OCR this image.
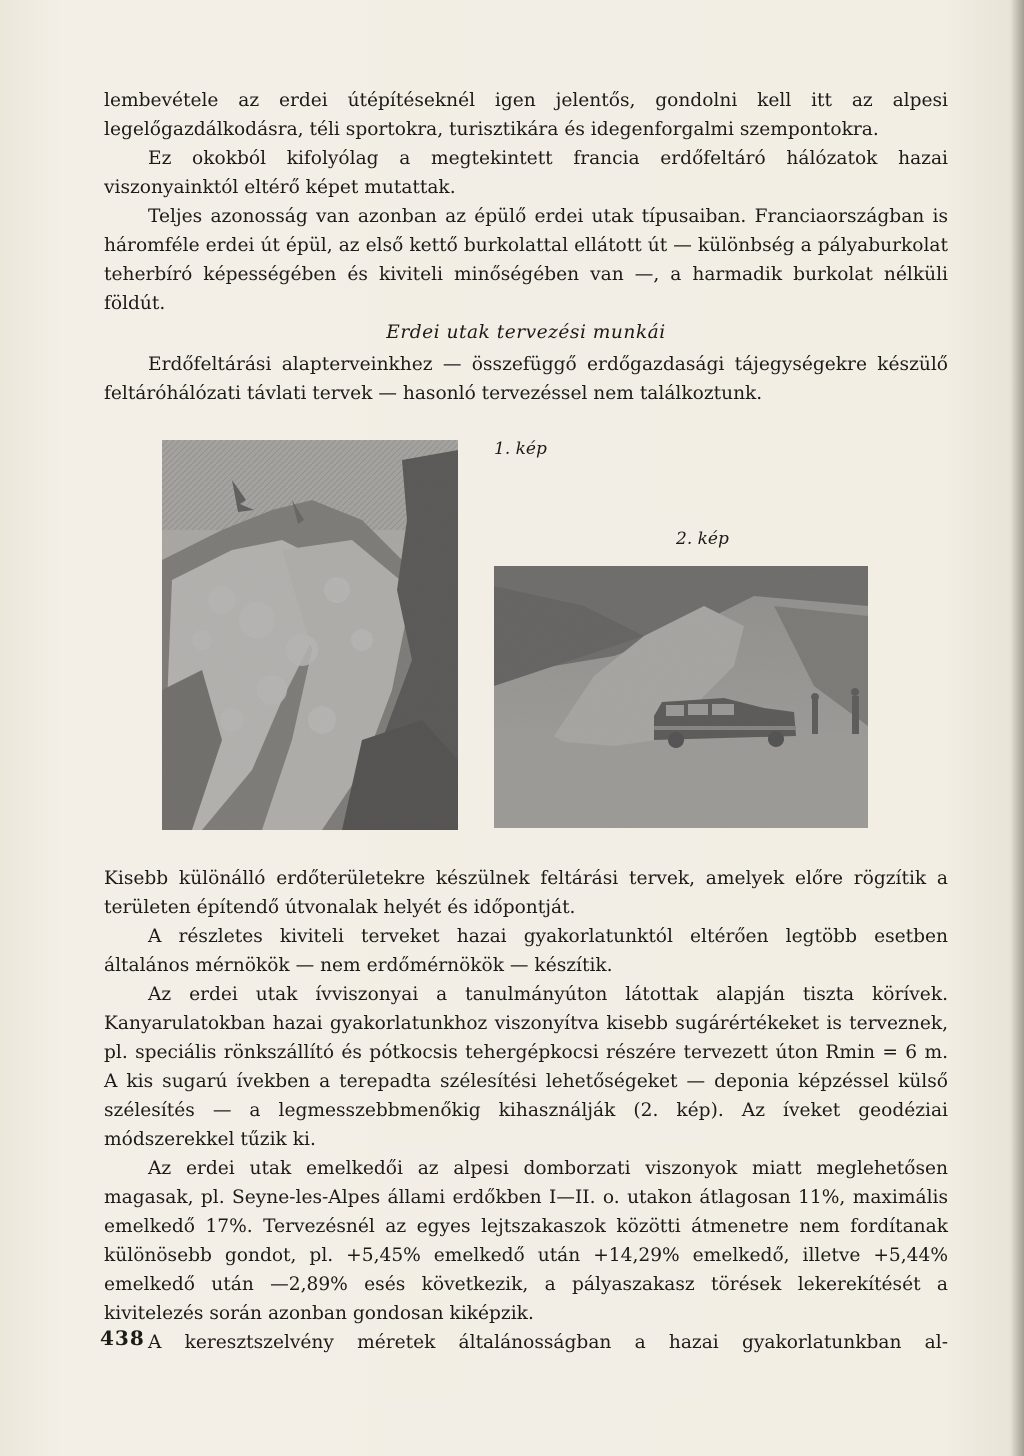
lembevétele az erdei útépítéseknél igen jelentős, gondolni kell itt az alpesi legelőgazdálkodásra, téli sportokra, turisztikára és idegenforgalmi szempontokra.

Ez okokból kifolyólag a megtekintett francia erdőfeltáró hálózatok hazai viszonyainktól eltérő képet mutattak.

Teljes azonosság van azonban az épülő erdei utak típusaiban. Franciaországban is háromféle erdei út épül, az első kettő burkolattal ellátott út — különbség a pályaburkolat teherbíró képességében és kiviteli minőségében van —, a harmadik burkolat nélküli földút.

Erdei utak tervezési munkái

Erdőfeltárási alapterveinkhez — összefüggő erdőgazdasági tájegységekre készülő feltáróhálózati távlati tervek — hasonló tervezéssel nem találkoztunk.

1. kép
2. kép

Kisebb különálló erdőterületekre készülnek feltárási tervek, amelyek előre rögzítik a területen építendő útvonalak helyét és időpontját.

A részletes kiviteli terveket hazai gyakorlatunktól eltérően legtöbb esetben általános mérnökök — nem erdőmérnökök — készítik.

Az erdei utak ívviszonyai a tanulmányúton látottak alapján tiszta körívek. Kanyarulatokban hazai gyakorlatunkhoz viszonyítva kisebb sugárértékeket is terveznek, pl. speciális rönkszállító és pótkocsis tehergépkocsi részére tervezett úton Rmin = 6 m. A kis sugarú ívekben a terepadta szélesítési lehetőségeket — deponia képzéssel külső szélesítés — a legmesszebbmenőkig kihasználják (2. kép). Az íveket geodéziai módszerekkel tűzik ki.

Az erdei utak emelkedői az alpesi domborzati viszonyok miatt meglehetősen magasak, pl. Seyne-les-Alpes állami erdőkben I—II. o. utakon átlagosan 11%, maximális emelkedő 17%. Tervezésnél az egyes lejtszakaszok közötti átmenetre nem fordítanak különösebb gondot, pl. +5,45% emelkedő után +14,29% emelkedő, illetve +5,44% emelkedő után —2,89% esés következik, a pályaszakasz törések lekerekítését a kivitelezés során azonban gondosan kiképzik.

A keresztszelvény méretek általánosságban a hazai gyakorlatunkban al-

438
